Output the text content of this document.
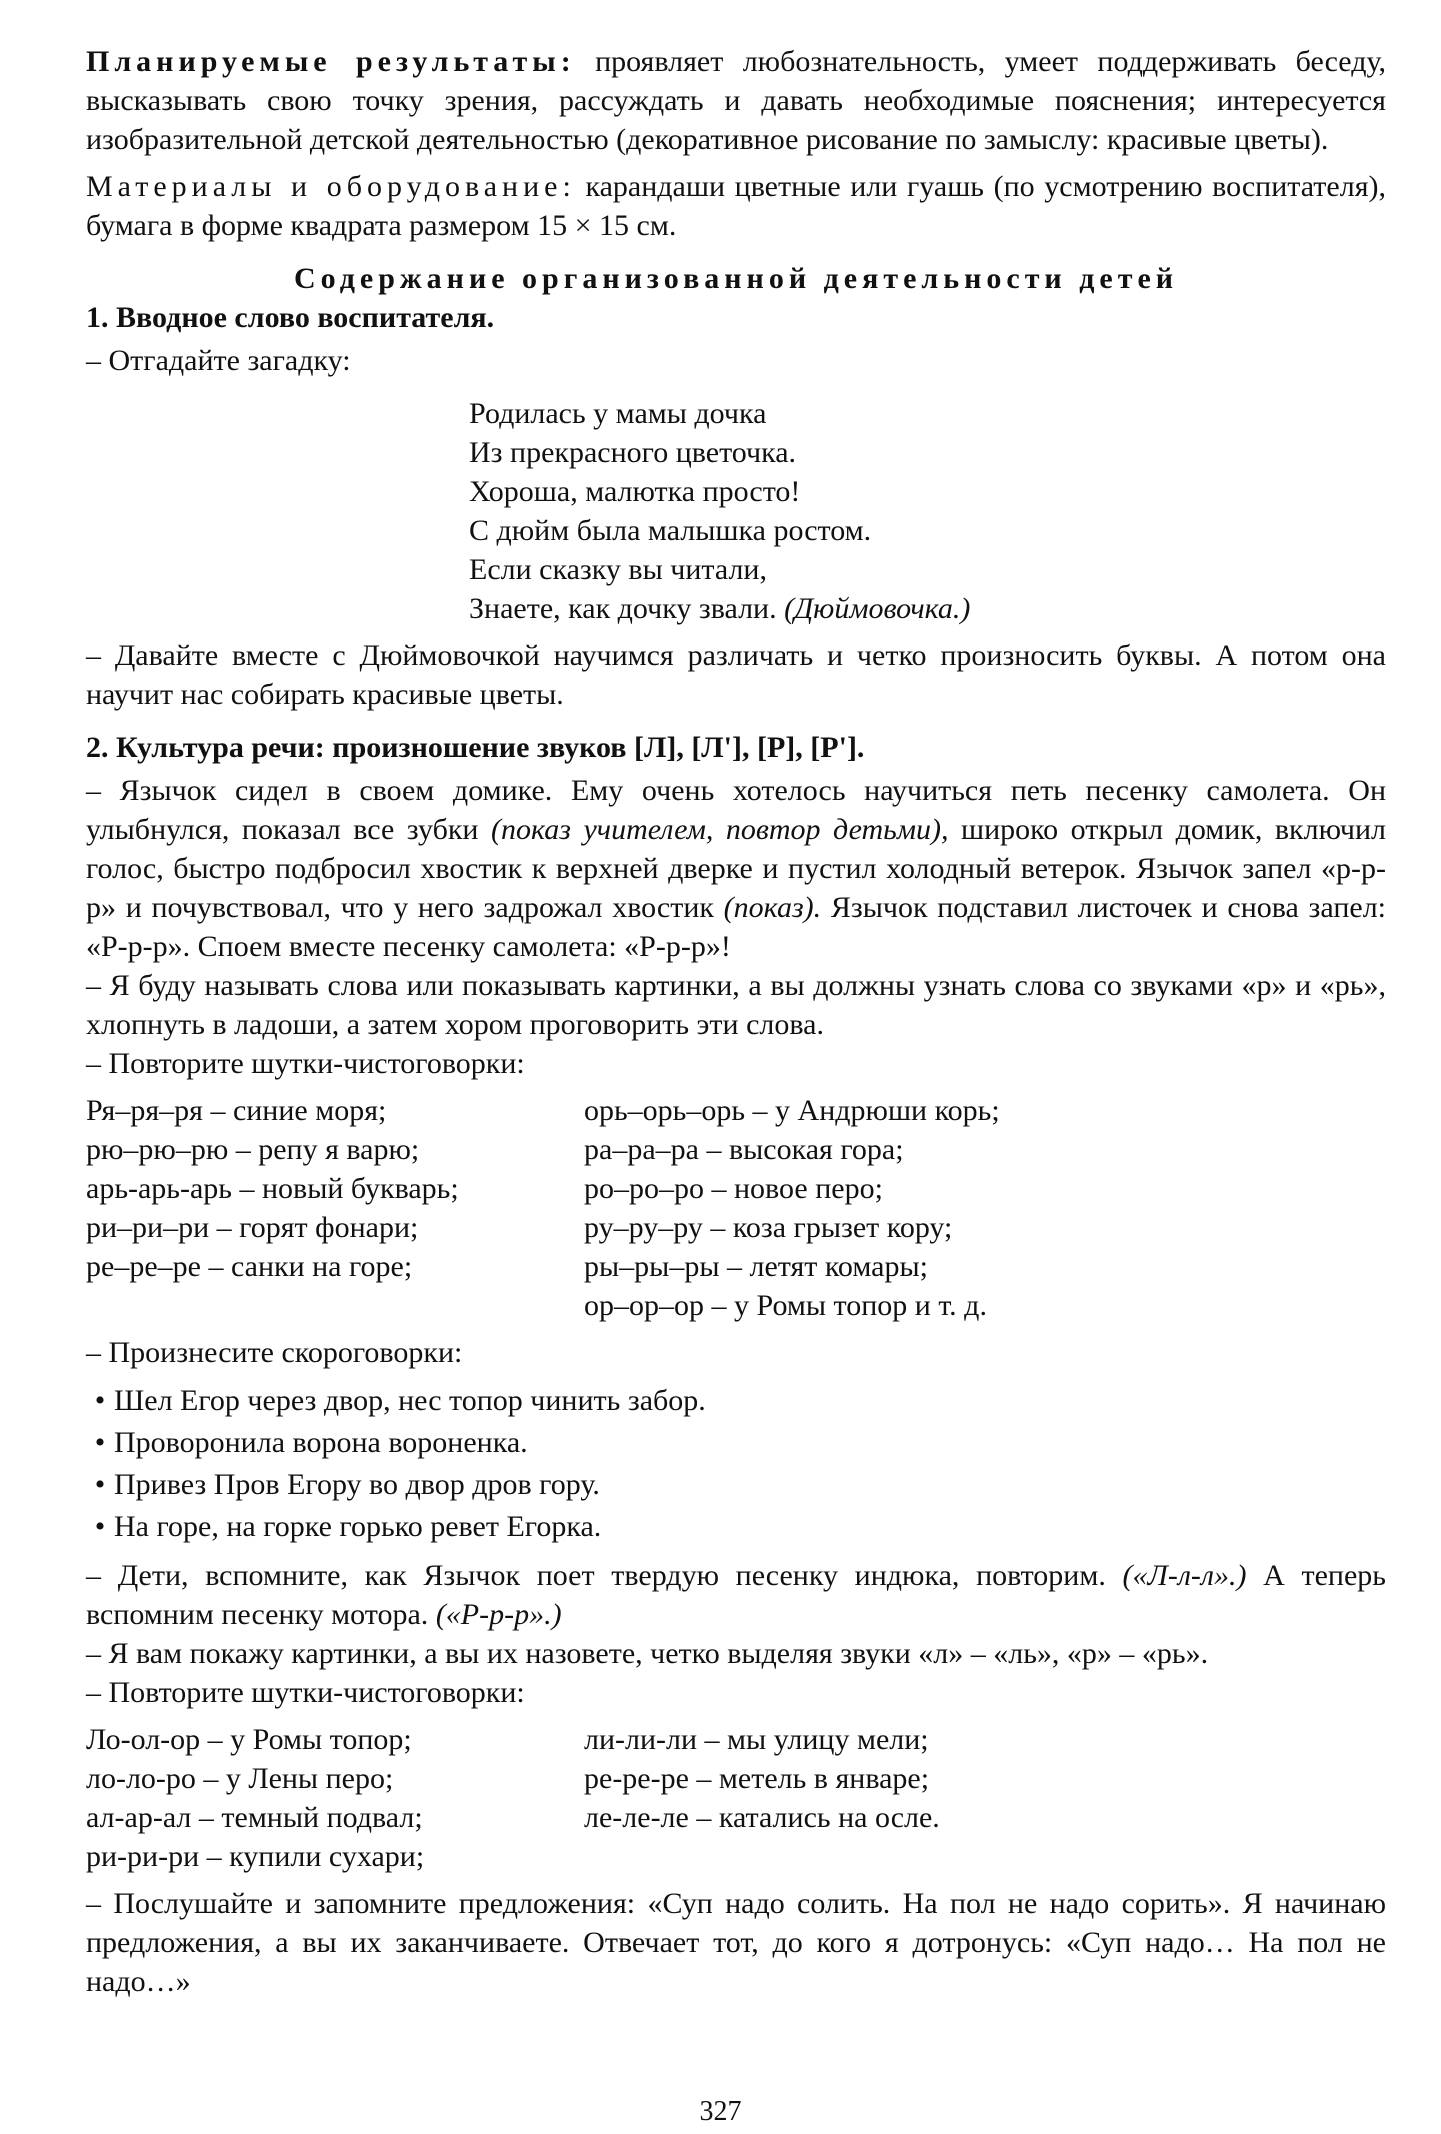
Планируемые результаты: проявляет любознательность, умеет поддерживать беседу, высказывать свою точку зрения, рассуждать и давать необходимые пояснения; интересуется изобразительной детской деятельностью (декоративное рисование по замыслу: красивые цветы).

Материалы и оборудование: карандаши цветные или гуашь (по усмотрению воспитателя), бумага в форме квадрата размером 15 × 15 см.

Содержание организованной деятельности детей

1. Вводное слово воспитателя.

– Отгадайте загадку:

Родилась у мамы дочка
Из прекрасного цветочка.
Хороша, малютка просто!
С дюйм была малышка ростом.
Если сказку вы читали,
Знаете, как дочку звали. (Дюймовочка.)

– Давайте вместе с Дюймовочкой научимся различать и четко произносить буквы. А потом она научит нас собирать красивые цветы.

2. Культура речи: произношение звуков [Л], [Л'], [Р], [Р'].

– Язычок сидел в своем домике. Ему очень хотелось научиться петь песенку самолета. Он улыбнулся, показал все зубки (показ учителем, повтор детьми), широко открыл домик, включил голос, быстро подбросил хвостик к верхней дверке и пустил холодный ветерок. Язычок запел «р-р-р» и почувствовал, что у него задрожал хвостик (показ). Язычок подставил листочек и снова запел: «Р-р-р». Споем вместе песенку самолета: «Р-р-р»!

– Я буду называть слова или показывать картинки, а вы должны узнать слова со звуками «р» и «рь», хлопнуть в ладоши, а затем хором проговорить эти слова.

– Повторите шутки-чистоговорки:

Ря–ря–ря – синие моря;
рю–рю–рю – репу я варю;
арь-арь-арь – новый букварь;
ри–ри–ри – горят фонари;
ре–ре–ре – санки на горе;
орь–орь–орь – у Андрюши корь;
ра–ра–ра – высокая гора;
ро–ро–ро – новое перо;
ру–ру–ру – коза грызет кору;
ры–ры–ры – летят комары;
ор–ор–ор – у Ромы топор и т. д.

– Произнесите скороговорки:

• Шел Егор через двор, нес топор чинить забор.
• Проворонила ворона вороненка.
• Привез Пров Егору во двор дров гору.
• На горе, на горке горько ревет Егорка.

– Дети, вспомните, как Язычок поет твердую песенку индюка, повторим. («Л-л-л».) А теперь вспомним песенку мотора. («Р-р-р».)

– Я вам покажу картинки, а вы их назовете, четко выделяя звуки «л» – «ль», «р» – «рь».

– Повторите шутки-чистоговорки:

Ло-ол-ор – у Ромы топор;
ло-ло-ро – у Лены перо;
ал-ар-ал – темный подвал;
ри-ри-ри – купили сухари;
ли-ли-ли – мы улицу мели;
ре-ре-ре – метель в январе;
ле-ле-ле – катались на осле.

– Послушайте и запомните предложения: «Суп надо солить. На пол не надо сорить». Я начинаю предложения, а вы их заканчиваете. Отвечает тот, до кого я дотронусь: «Суп надо… На пол не надо…»

327
